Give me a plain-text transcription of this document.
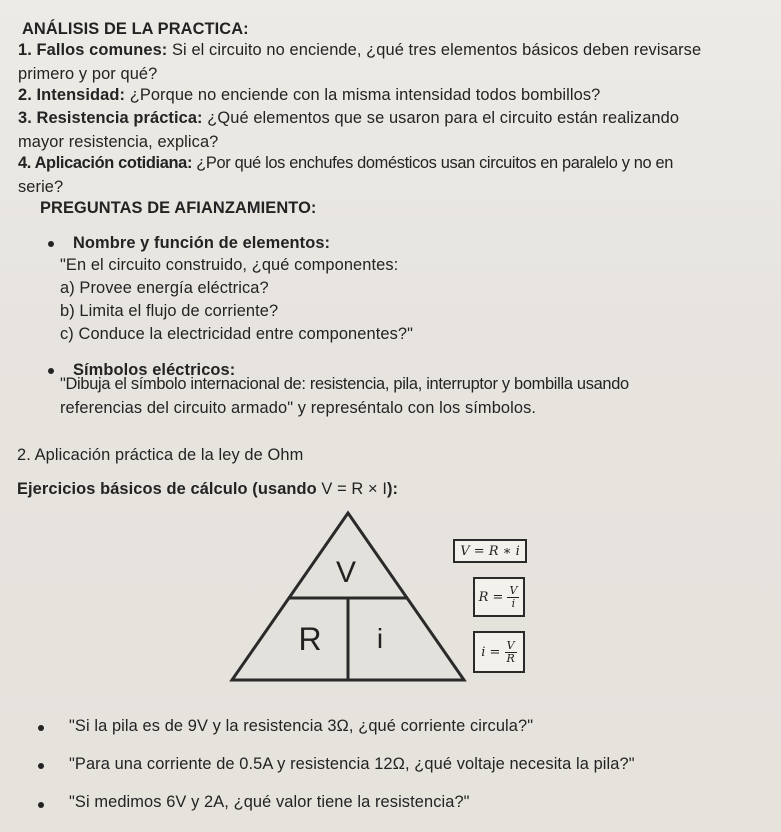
ANÁLISIS DE LA PRACTICA:
1. Fallos comunes: Si el circuito no enciende, ¿qué tres elementos básicos deben revisarse
primero y por qué?
2. Intensidad: ¿Porque no enciende con la misma intensidad todos bombillos?
3. Resistencia práctica: ¿Qué elementos que se usaron para el circuito están realizando
mayor resistencia, explica?
4. Aplicación cotidiana: ¿Por qué los enchufes domésticos usan circuitos en paralelo y no en
serie?
PREGUNTAS DE AFIANZAMIENTO:
Nombre y función de elementos:
"En el circuito construido, ¿qué componentes:
a) Provee energía eléctrica?
b) Limita el flujo de corriente?
c) Conduce la electricidad entre componentes?"
Símbolos eléctricos:
"Dibuja el símbolo internacional de: resistencia, pila, interruptor y bombilla usando
referencias del circuito armado" y represéntalo con los símbolos.
2. Aplicación práctica de la ley de Ohm
Ejercicios básicos de cálculo (usando V = R × I):
V
R i
V = R ∗ i
$R = \frac{V}{i}$
$i = \frac{V}{R}$
"Si la pila es de 9V y la resistencia 3Ω, ¿qué corriente circula?"
"Para una corriente de 0.5A y resistencia 12Ω, ¿qué voltaje necesita la pila?"
"Si medimos 6V y 2A, ¿qué valor tiene la resistencia?"
